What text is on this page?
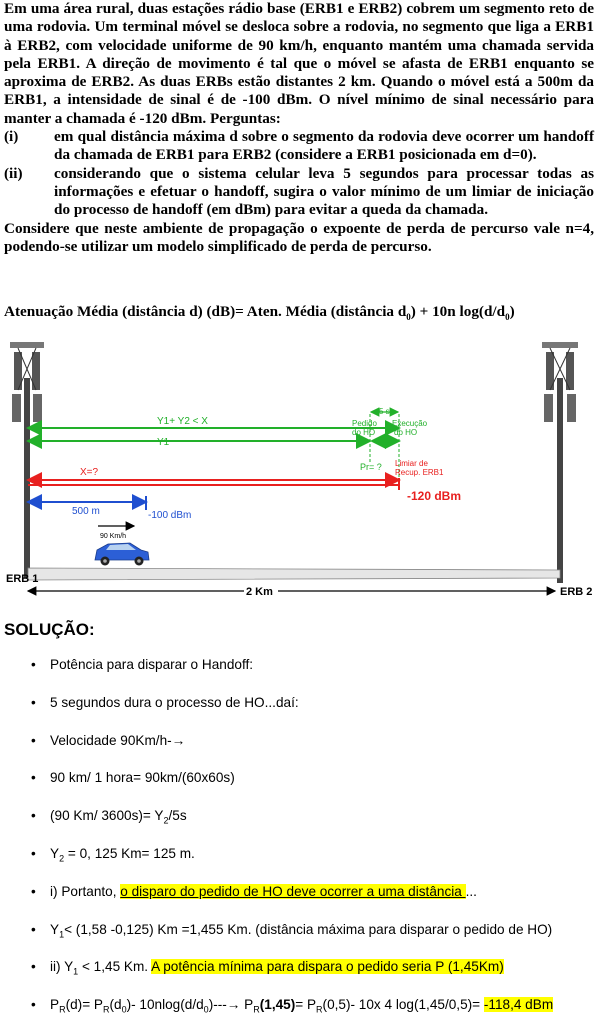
Em uma área rural, duas estações rádio base (ERB1 e ERB2) cobrem um segmento reto de uma rodovia. Um terminal móvel se desloca sobre a rodovia, no segmento que liga a ERB1 à ERB2, com velocidade uniforme de 90 km/h, enquanto mantém uma chamada servida pela ERB1. A direção de movimento é tal que o móvel se afasta de ERB1 enquanto se aproxima de ERB2. As duas ERBs estão distantes 2 km. Quando o móvel está a 500m da ERB1, a intensidade de sinal é de -100 dBm. O nível mínimo de sinal necessário para manter a chamada é -120 dBm. Perguntas:

(i)	em qual distância máxima d sobre o segmento da rodovia deve ocorrer um handoff da chamada de ERB1 para ERB2 (considere a ERB1 posicionada em d=0).
(ii)	considerando que o sistema celular leva 5 segundos para processar todas as informações e efetuar o handoff, sugira o valor mínimo de um limiar de iniciação do processo de handoff (em dBm) para evitar a queda da chamada.

Considere que neste ambiente de propagação o expoente de perda de percurso vale n=4, podendo-se utilizar um modelo simplificado de perda de percurso.

Atenuação Média (distância d) (dB)= Aten. Média (distância $d_0) + 10n$ $\log(d/d_0)$
5 s
Pedido
do HO
Execução
do HO
Y1+ Y2 < X
Y1	Y2
Pr= ?
X=?
Limiar de
Recup. ERB1
-120 dBm
500 m	-100 dBm
90 Km/h
ERB 1
ERB 2
2 Km
SOLUÇÃO:
• Potência para disparar o Handoff:
• 5 segundos dura o processo de HO...daí:
• Velocidade 90Km/h-→
• 90 km/ 1 hora= 90km/(60x60s)
• (90 Km/ $3600s)= Y_2/5s$
• $Y_2 = 0$, 125 Km= 125 m.
• i) Portanto, o disparo do pedido de HO deve ocorrer a uma distância ...
• $Y_1< (1,58$ -0,125) Km =1,455 Km. (distância máxima para disparar o pedido de HO)
• ii) $Y_1 < 1,45$ Km. A potência mínima para dispara o pedido seria P (1,45Km)
• $P_R(d)= P_R(d_0)-$ $10nlog(d/d_0)---\to P_R(1,45)= P_R(0,5)-$ 10x 4 log(1,45/0,5)= -118,4 dBm
